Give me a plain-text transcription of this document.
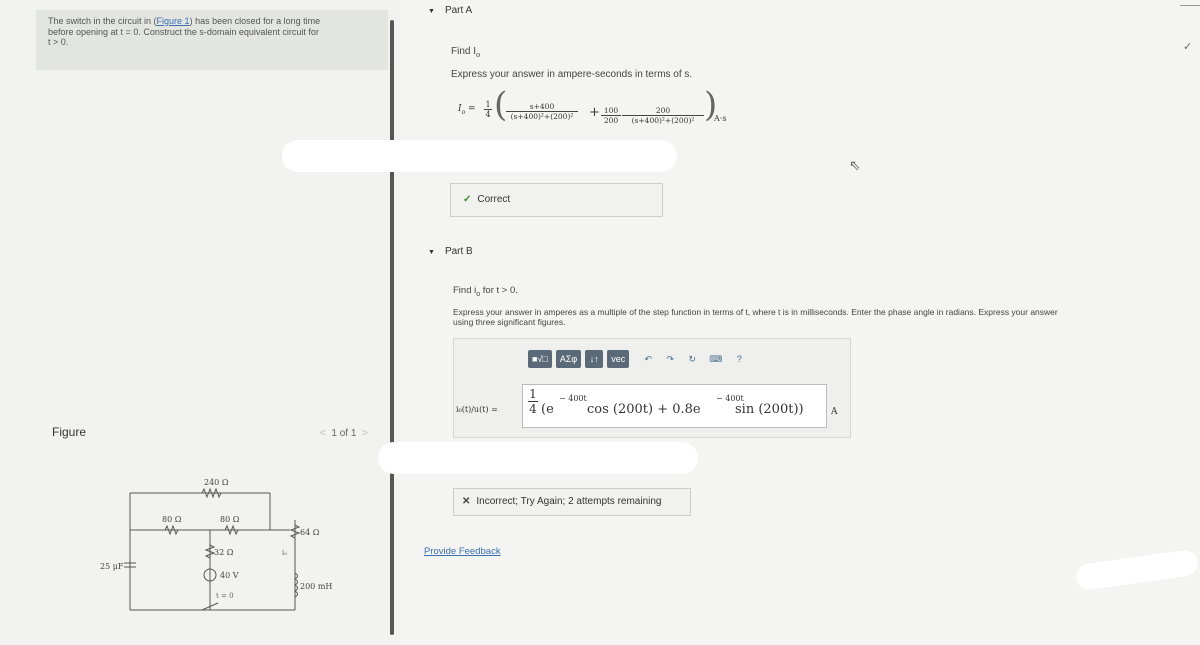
The switch in the circuit in (Figure 1) has been closed for a long time
before opening at t = 0. Construct the s-domain equivalent circuit for
t > 0.
Figure	< 1 of 1 >
240 Ω
80 Ω	80 Ω
32 Ω
64 Ω
25 μF
40 V
200 mH
t = 0
i₀
▼ Part A
Find $I_o$
Express your answer in ampere-seconds in terms of s.
$I_o = \frac{1}{4}$ (
$\frac{s+400}{\text{(s+400)²+(200)²}} + \frac{100}{200} \frac{200}{\text{(s+400)²+(200)²}}$ )
A·s
✓ Correct
▼ Part B
Find $i_o$ for t > 0.
Express your answer in amperes as a multiple of the step function in terms of t, where t is in milliseconds. Enter the phase angle in radians. Express your answer
using three significant figures.
■√□	ΑΣφ	↓↑	vec	↶	↷	↻	⌨	?
i₀(t)/u(t) =	$\frac{1}{4} (e$
− 400t
cos (200t) + 0.8e
− 400t
sin (200t))	A
✕ Incorrect; Try Again; 2 attempts remaining
Provide Feedback
⇖
✓
